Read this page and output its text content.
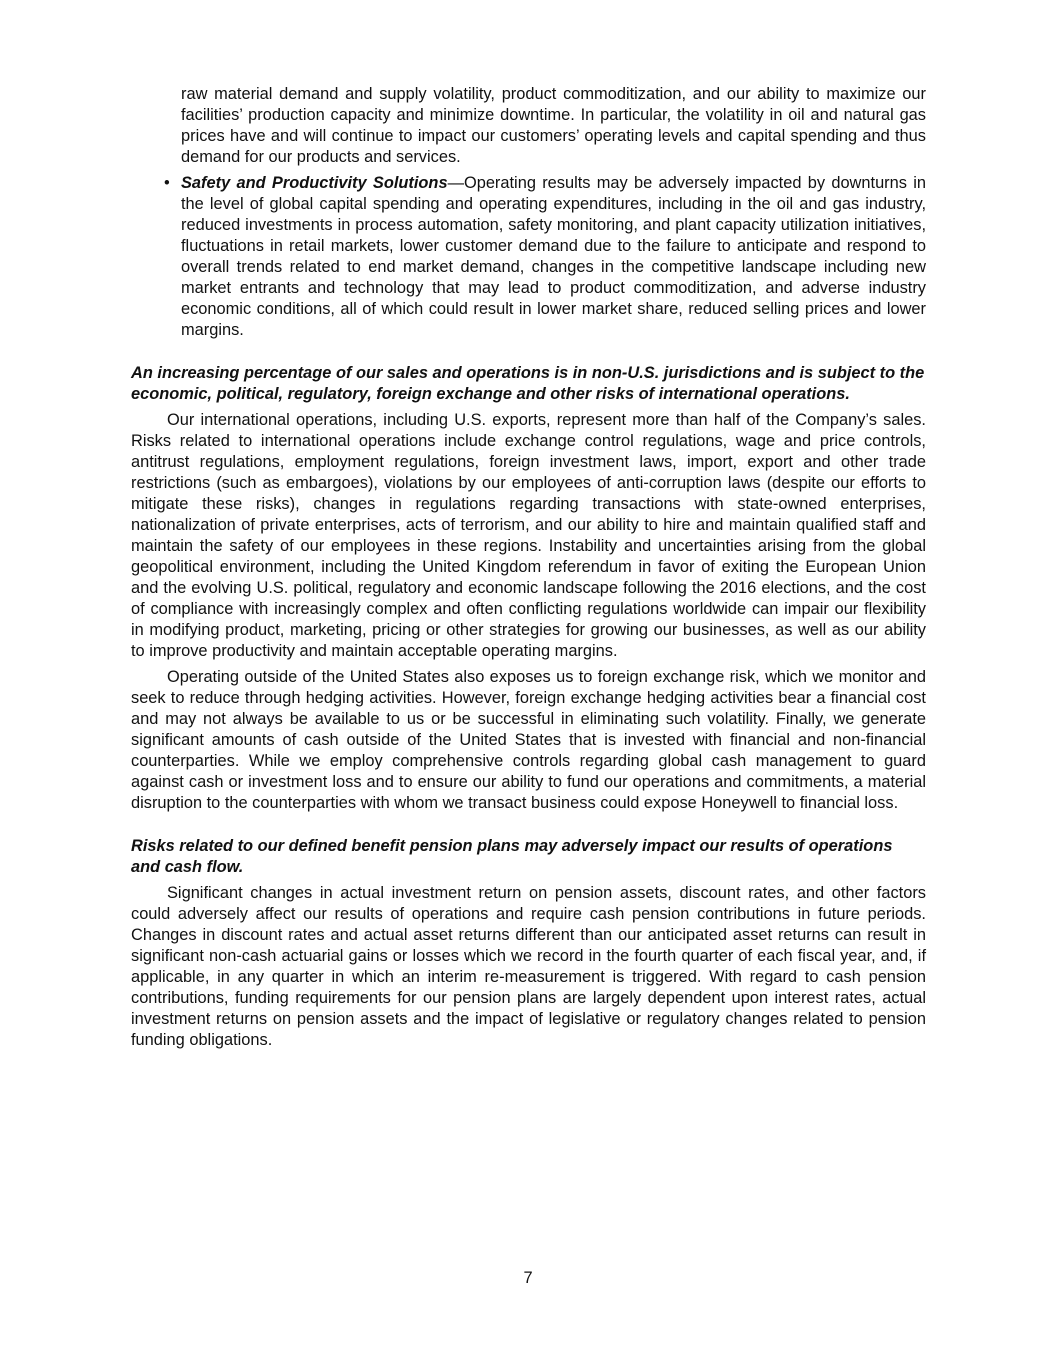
raw material demand and supply volatility, product commoditization, and our ability to maximize our facilities’ production capacity and minimize downtime. In particular, the volatility in oil and natural gas prices have and will continue to impact our customers’ operating levels and capital spending and thus demand for our products and services.

• Safety and Productivity Solutions—Operating results may be adversely impacted by downturns in the level of global capital spending and operating expenditures, including in the oil and gas industry, reduced investments in process automation, safety monitoring, and plant capacity utilization initiatives, fluctuations in retail markets, lower customer demand due to the failure to anticipate and respond to overall trends related to end market demand, changes in the competitive landscape including new market entrants and technology that may lead to product commoditization, and adverse industry economic conditions, all of which could result in lower market share, reduced selling prices and lower margins.

An increasing percentage of our sales and operations is in non-U.S. jurisdictions and is subject to the economic, political, regulatory, foreign exchange and other risks of international operations.

Our international operations, including U.S. exports, represent more than half of the Company’s sales. Risks related to international operations include exchange control regulations, wage and price controls, antitrust regulations, employment regulations, foreign investment laws, import, export and other trade restrictions (such as embargoes), violations by our employees of anti-corruption laws (despite our efforts to mitigate these risks), changes in regulations regarding transactions with state-owned enterprises, nationalization of private enterprises, acts of terrorism, and our ability to hire and maintain qualified staff and maintain the safety of our employees in these regions. Instability and uncertainties arising from the global geopolitical environment, including the United Kingdom referendum in favor of exiting the European Union and the evolving U.S. political, regulatory and economic landscape following the 2016 elections, and the cost of compliance with increasingly complex and often conflicting regulations worldwide can impair our flexibility in modifying product, marketing, pricing or other strategies for growing our businesses, as well as our ability to improve productivity and maintain acceptable operating margins.

Operating outside of the United States also exposes us to foreign exchange risk, which we monitor and seek to reduce through hedging activities. However, foreign exchange hedging activities bear a financial cost and may not always be available to us or be successful in eliminating such volatility. Finally, we generate significant amounts of cash outside of the United States that is invested with financial and non-financial counterparties. While we employ comprehensive controls regarding global cash management to guard against cash or investment loss and to ensure our ability to fund our operations and commitments, a material disruption to the counterparties with whom we transact business could expose Honeywell to financial loss.

Risks related to our defined benefit pension plans may adversely impact our results of operations and cash flow.

Significant changes in actual investment return on pension assets, discount rates, and other factors could adversely affect our results of operations and require cash pension contributions in future periods. Changes in discount rates and actual asset returns different than our anticipated asset returns can result in significant non-cash actuarial gains or losses which we record in the fourth quarter of each fiscal year, and, if applicable, in any quarter in which an interim re-measurement is triggered. With regard to cash pension contributions, funding requirements for our pension plans are largely dependent upon interest rates, actual investment returns on pension assets and the impact of legislative or regulatory changes related to pension funding obligations.

7
